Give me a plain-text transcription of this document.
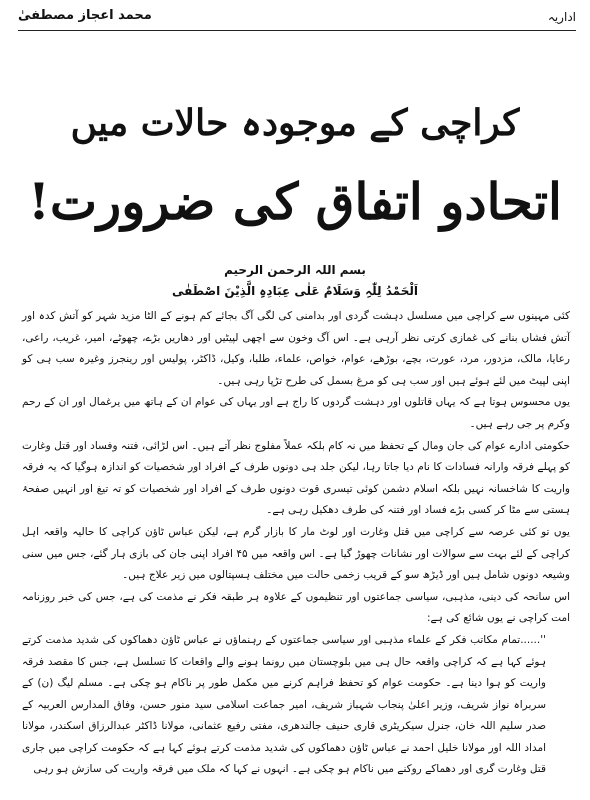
اداریہ
محمد اعجاز مصطفیٰ
کراچی کے موجودہ حالات میں
اتحادو اتفاق کی ضرورت!
بسم اللہ الرحمن الرحیم
اَلْحَمْدُ لِلّٰہِ وَسَلَامٌ عَلٰی عِبَادِہِ الَّذِیْنَ اصْطَفٰی

کئی مہینوں سے کراچی میں مسلسل دہشت گردی اور بدامنی کی لگی آگ بجائے کم ہونے کے الٹا مزید شہر کو آتش کدہ اور آتش فشاں بنانے کی غمازی کرتی نظر آرہی ہے۔ اس آگ وخون سے اچھی لپیٹیں اور دھاریں بڑے، چھوٹے، امیر، غریب، راعی، رعایا، مالک، مزدور، مرد، عورت، بچے، بوڑھے، عوام، خواص، علماء، طلبا، وکیل، ڈاکٹر، پولیس اور رینجرز وغیرہ سب ہی کو اپنی لپیٹ میں لئے ہوئے ہیں اور سب ہی کو مرغ بسمل کی طرح تڑپا رہی ہیں۔

یوں محسوس ہوتا ہے کہ یہاں قاتلوں اور دہشت گردوں کا راج ہے اور یہاں کی عوام ان کے ہاتھ میں یرغمال اور ان کے رحم وکرم پر جی رہے ہیں۔

حکومتی ادارے عوام کی جان ومال کے تحفظ میں نہ کام بلکہ عملاً مفلوج نظر آتے ہیں۔ اس لڑائی، فتنہ وفساد اور قتل وغارت کو پہلے فرقہ وارانہ فسادات کا نام دیا جاتا رہا، لیکن جلد ہی دونوں طرف کے افراد اور شخصیات کو اندازہ ہوگیا کہ یہ فرقہ واریت کا شاخسانہ نہیں بلکہ اسلام دشمن کوئی تیسری قوت دونوں طرف کے افراد اور شخصیات کو تہ تیغ اور انہیں صفحۂ ہستی سے مٹا کر کسی بڑے فساد اور فتنہ کی طرف دھکیل رہی ہے۔

یوں تو کئی عرصہ سے کراچی میں قتل وغارت اور لوٹ مار کا بازار گرم ہے، لیکن عباس ٹاؤن کراچی کا حالیہ واقعہ اہل کراچی کے لئے بہت سے سوالات اور نشانات چھوڑ گیا ہے۔ اس واقعہ میں ۴۵ افراد اپنی جان کی بازی ہار گئے، جس میں سنی وشیعہ دونوں شامل ہیں اور ڈیڑھ سو کے قریب زخمی حالت میں مختلف ہسپتالوں میں زیر علاج ہیں۔

اس سانحہ کی دینی، مذہبی، سیاسی جماعتوں اور تنظیموں کے علاوہ ہر طبقہ فکر نے مذمت کی ہے، جس کی خبر روزنامہ امت کراچی نے یوں شائع کی ہے:

''......تمام مکاتب فکر کے علماء مذہبی اور سیاسی جماعتوں کے رہنماؤں نے عباس ٹاؤن دھماکوں کی شدید مذمت کرتے ہوئے کہا ہے کہ کراچی واقعہ حال ہی میں بلوچستان میں رونما ہونے والے واقعات کا تسلسل ہے، جس کا مقصد فرقہ واریت کو ہوا دینا ہے۔ حکومت عوام کو تحفظ فراہم کرنے میں مکمل طور پر ناکام ہو چکی ہے۔ مسلم لیگ (ن) کے سربراہ نواز شریف، وزیر اعلیٰ پنجاب شہباز شریف، امیر جماعت اسلامی سید منور حسن، وفاق المدارس العربیہ کے صدر سلیم اللہ خان، جنرل سیکریٹری قاری حنیف جالندھری، مفتی رفیع عثمانی، مولانا ڈاکٹر عبدالرزاق اسکندر، مولانا امداد اللہ اور مولانا خلیل احمد نے عباس ٹاؤن دھماکوں کی شدید مذمت کرتے ہوئے کہا ہے کہ حکومت کراچی میں جاری قتل وغارت گری اور دھماکے روکنے میں ناکام ہو چکی ہے۔ انہوں نے کہا کہ ملک میں فرقہ واریت کی سازش ہو رہی
